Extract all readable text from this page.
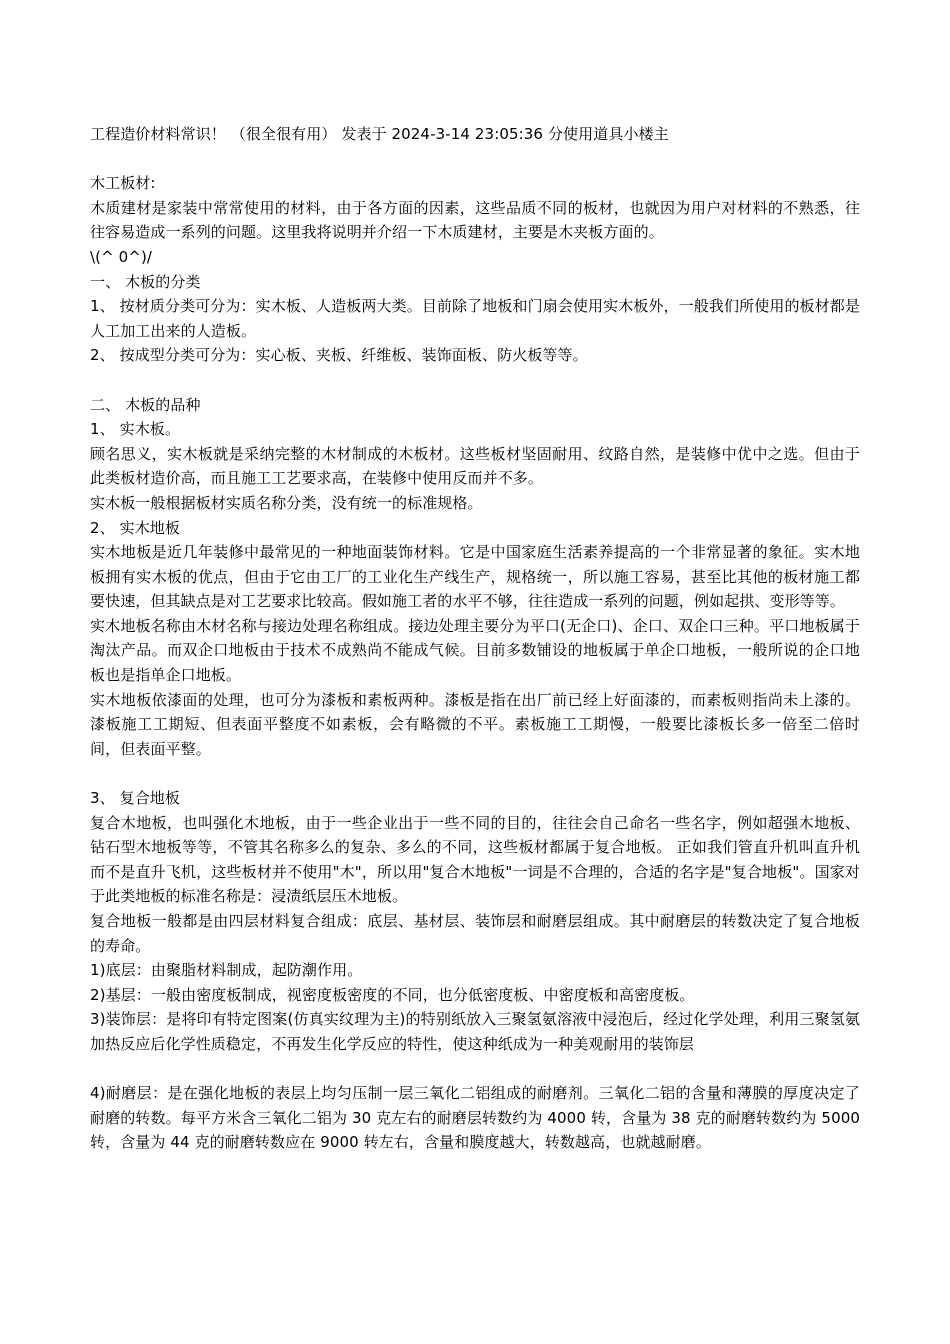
工程造价材料常识！ （很全很有用） 发表于 2024-3-14 23:05:36 分使用道具小楼主

木工板材:

木质建材是家装中常常使用的材料，由于各方面的因素，这些品质不同的板材，也就因为用户对材料的不熟悉，往往容易造成一系列的问题。这里我将说明并介绍一下木质建材，主要是木夹板方面的。

\(^ 0^)/

一、 木板的分类

1、 按材质分类可分为：实木板、人造板两大类。目前除了地板和门扇会使用实木板外，一般我们所使用的板材都是人工加工出来的人造板。

2、 按成型分类可分为：实心板、夹板、纤维板、装饰面板、防火板等等。

二、 木板的品种

1、 实木板。

顾名思义，实木板就是采纳完整的木材制成的木板材。这些板材坚固耐用、纹路自然，是装修中优中之选。但由于此类板材造价高，而且施工工艺要求高，在装修中使用反而并不多。

实木板一般根据板材实质名称分类，没有统一的标准规格。

2、 实木地板

实木地板是近几年装修中最常见的一种地面装饰材料。它是中国家庭生活素养提高的一个非常显著的象征。实木地板拥有实木板的优点，但由于它由工厂的工业化生产线生产，规格统一，所以施工容易，甚至比其他的板材施工都要快速，但其缺点是对工艺要求比较高。假如施工者的水平不够，往往造成一系列的问题，例如起拱、变形等等。

实木地板名称由木材名称与接边处理名称组成。接边处理主要分为平口(无企口)、企口、双企口三种。平口地板属于淘汰产品。而双企口地板由于技术不成熟尚不能成气候。目前多数铺设的地板属于单企口地板，一般所说的企口地板也是指单企口地板。

实木地板依漆面的处理，也可分为漆板和素板两种。漆板是指在出厂前已经上好面漆的，而素板则指尚未上漆的。漆板施工工期短、但表面平整度不如素板，会有略微的不平。素板施工工期慢，一般要比漆板长多一倍至二倍时间，但表面平整。

3、 复合地板

复合木地板，也叫强化木地板，由于一些企业出于一些不同的目的，往往会自己命名一些名字，例如超强木地板、钻石型木地板等等，不管其名称多么的复杂、多么的不同，这些板材都属于复合地板。 正如我们管直升机叫直升机而不是直升飞机，这些板材并不使用"木"，所以用"复合木地板"一词是不合理的，合适的名字是"复合地板"。国家对于此类地板的标准名称是：浸渍纸层压木地板。

复合地板一般都是由四层材料复合组成：底层、基材层、装饰层和耐磨层组成。其中耐磨层的转数决定了复合地板的寿命。

1)底层：由聚脂材料制成，起防潮作用。

2)基层：一般由密度板制成，视密度板密度的不同，也分低密度板、中密度板和高密度板。

3)装饰层：是将印有特定图案(仿真实纹理为主)的特别纸放入三聚氢氨溶液中浸泡后，经过化学处理，利用三聚氢氨加热反应后化学性质稳定，不再发生化学反应的特性，使这种纸成为一种美观耐用的装饰层

4)耐磨层：是在强化地板的表层上均匀压制一层三氧化二铝组成的耐磨剂。三氧化二铝的含量和薄膜的厚度决定了耐磨的转数。每平方米含三氧化二铝为 30 克左右的耐磨层转数约为 4000 转，含量为 38 克的耐磨转数约为 5000 转，含量为 44 克的耐磨转数应在 9000 转左右，含量和膜度越大，转数越高，也就越耐磨。
